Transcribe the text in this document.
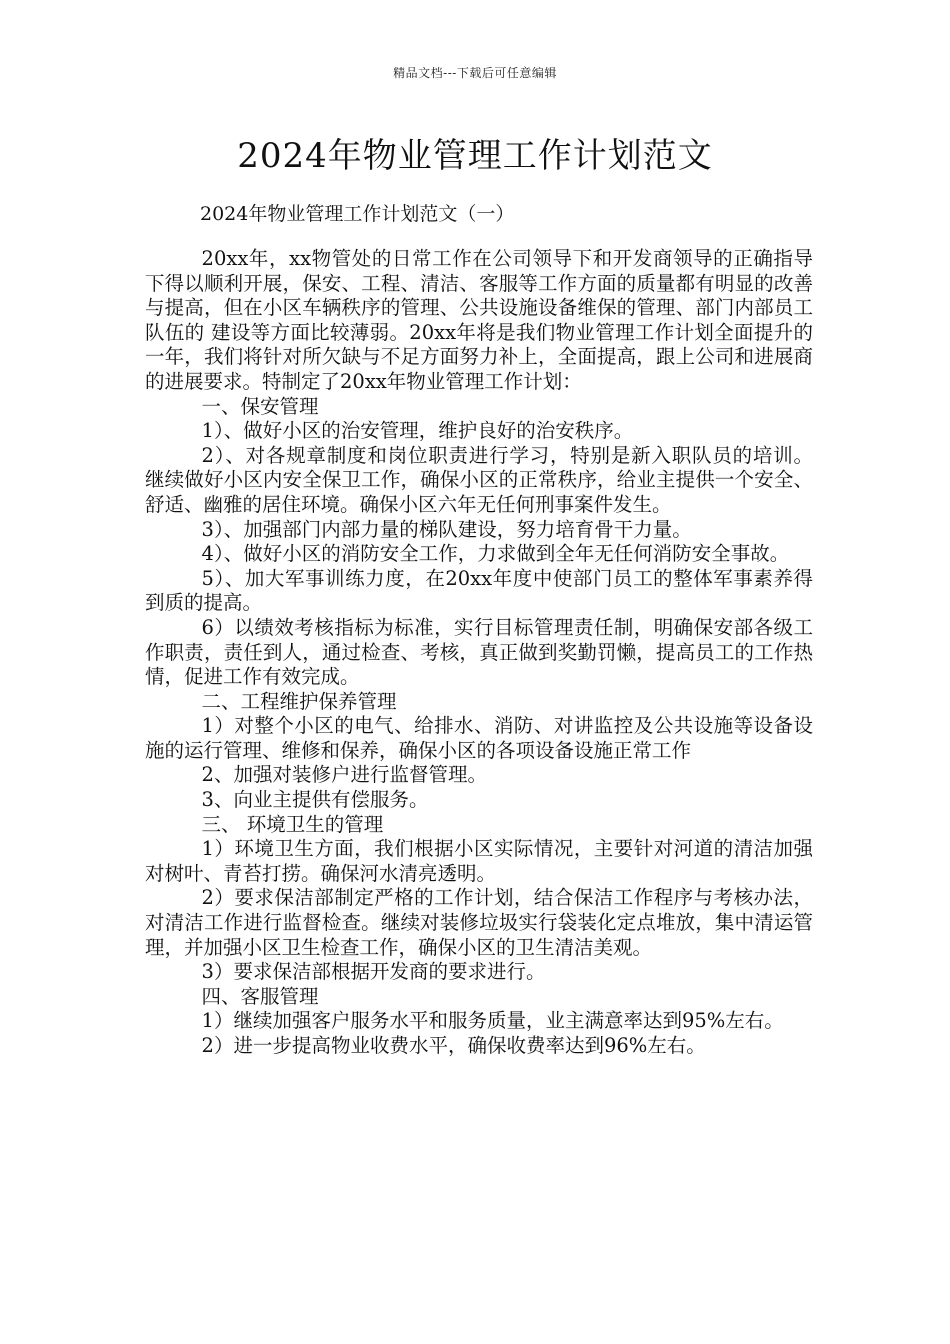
精品文档---下载后可任意编辑
2024年物业管理工作计划范文
2024年物业管理工作计划范文（一）

20xx年，xx物管处的日常工作在公司领导下和开发商领导的正确指导下得以顺利开展，保安、工程、清洁、客服等工作方面的质量都有明显的改善与提高，但在小区车辆秩序的管理、公共设施设备维保的管理、部门内部员工队伍的 建设等方面比较薄弱。20xx年将是我们物业管理工作计划全面提升的一年，我们将针对所欠缺与不足方面努力补上，全面提高，跟上公司和进展商的进展要求。特制定了20xx年物业管理工作计划：

一、保安管理

1）、做好小区的治安管理，维护良好的治安秩序。

2）、对各规章制度和岗位职责进行学习，特别是新入职队员的培训。 继续做好小区内安全保卫工作，确保小区的正常秩序，给业主提供一个安全、舒适、幽雅的居住环境。确保小区六年无任何刑事案件发生。

3）、加强部门内部力量的梯队建设，努力培育骨干力量。

4）、做好小区的消防安全工作，力求做到全年无任何消防安全事故。

5）、加大军事训练力度，在20xx年度中使部门员工的整体军事素养得到质的提高。

6）以绩效考核指标为标准，实行目标管理责任制，明确保安部各级工作职责，责任到人，通过检查、考核，真正做到奖勤罚懒，提高员工的工作热情，促进工作有效完成。

二、工程维护保养管理

1）对整个小区的电气、给排水、消防、对讲监控及公共设施等设备设施的运行管理、维修和保养，确保小区的各项设备设施正常工作

2、加强对装修户进行监督管理。

3、向业主提供有偿服务。

三、 环境卫生的管理

1）环境卫生方面，我们根据小区实际情况，主要针对河道的清洁加强对树叶、青苔打捞。确保河水清亮透明。

2）要求保洁部制定严格的工作计划，结合保洁工作程序与考核办法，对清洁工作进行监督检查。继续对装修垃圾实行袋装化定点堆放，集中清运管理，并加强小区卫生检查工作，确保小区的卫生清洁美观。

3）要求保洁部根据开发商的要求进行。

四、客服管理

1）继续加强客户服务水平和服务质量，业主满意率达到95%左右。

2）进一步提高物业收费水平，确保收费率达到96%左右。
